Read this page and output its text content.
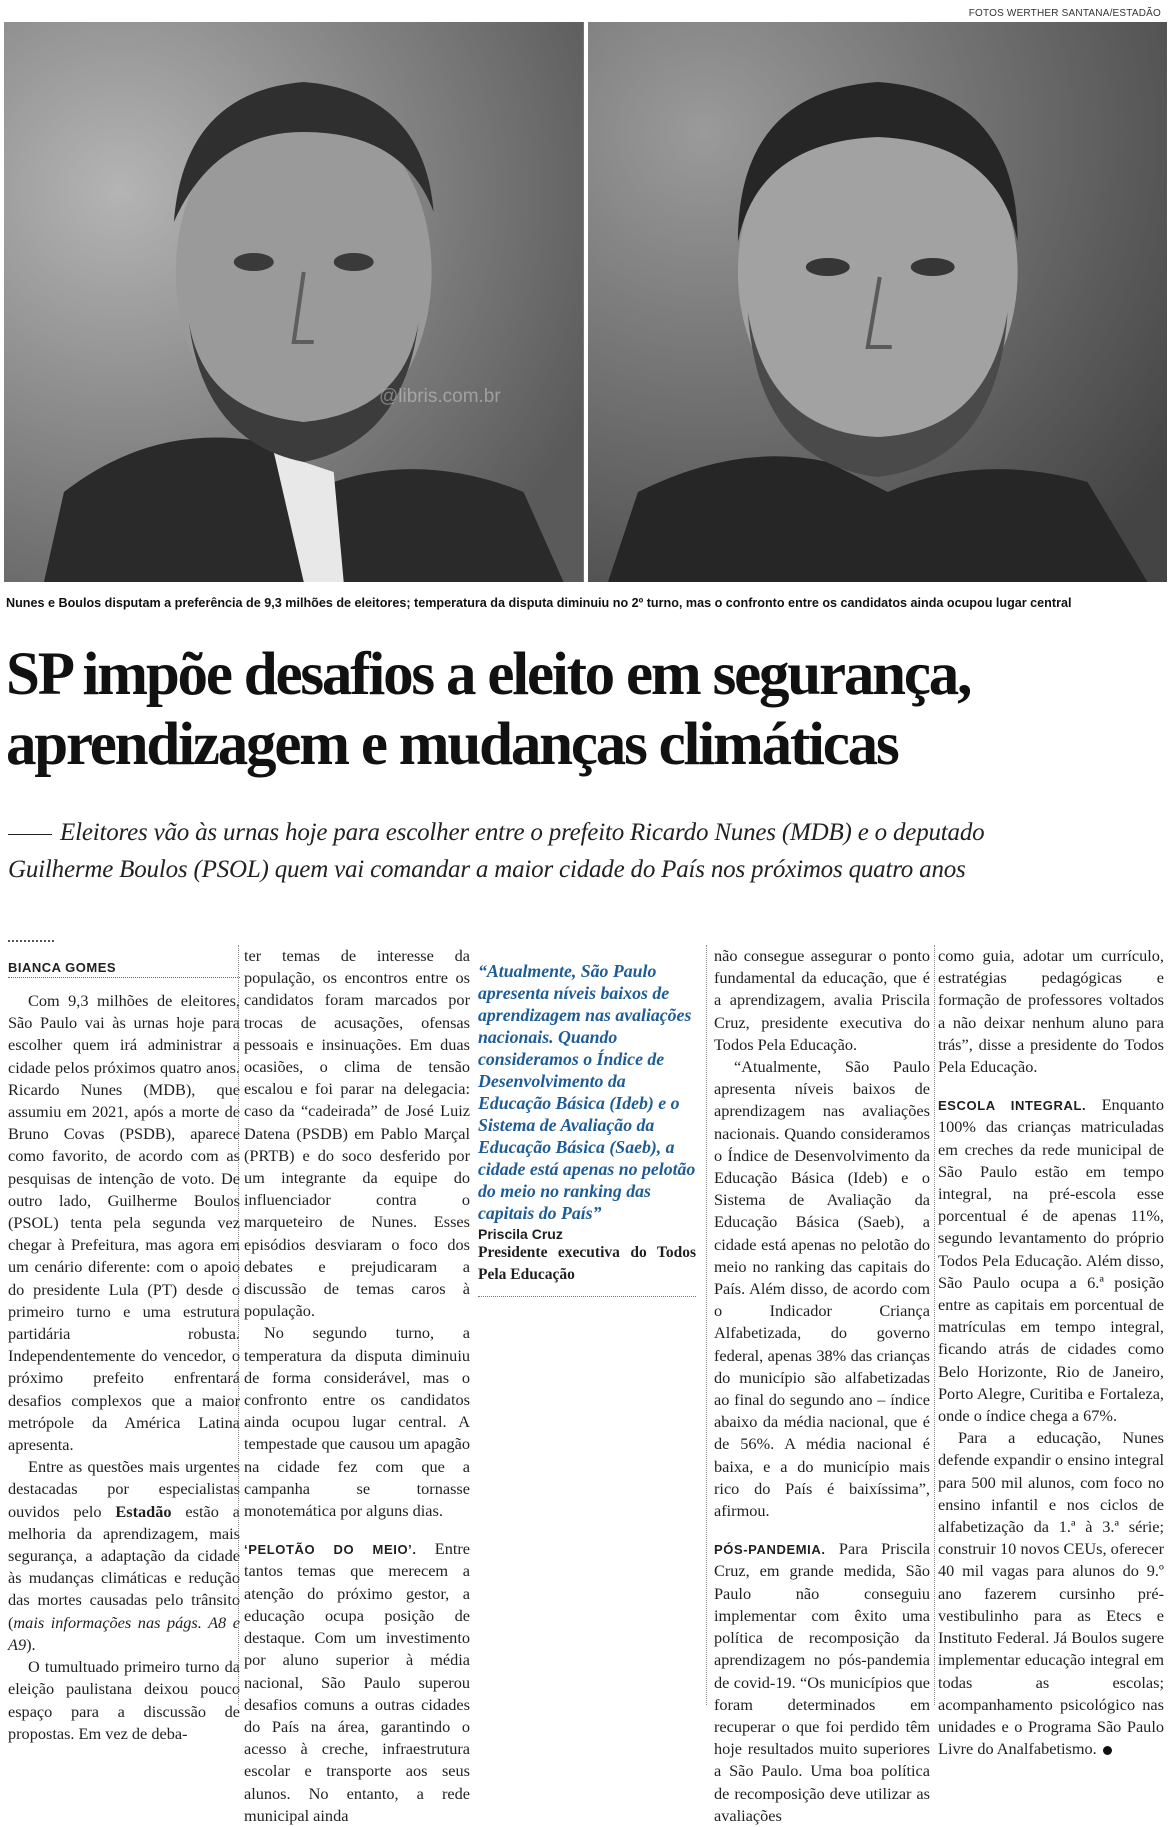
FOTOS WERTHER SANTANA/ESTADÃO
@libris.com.br
Nunes e Boulos disputam a preferência de 9,3 milhões de eleitores; temperatura da disputa diminuiu no 2º turno, mas o confronto entre os candidatos ainda ocupou lugar central
SP impõe desafios a eleito em segurança,
aprendizagem e mudanças climáticas
Eleitores vão às urnas hoje para escolher entre o prefeito Ricardo Nunes (MDB) e o deputado
Guilherme Boulos (PSOL) quem vai comandar a maior cidade do País nos próximos quatro anos
BIANCA GOMES

Com 9,3 milhões de eleitores, São Paulo vai às urnas hoje para escolher quem irá administrar a cidade pelos próximos quatro anos. Ricardo Nunes (MDB), que assumiu em 2021, após a morte de Bruno Covas (PSDB), aparece como favorito, de acordo com as pesquisas de intenção de voto. De outro lado, Guilherme Boulos (PSOL) tenta pela segunda vez chegar à Prefeitura, mas agora em um cenário diferente: com o apoio do presidente Lula (PT) desde o primeiro turno e uma estrutura partidária robusta. Independentemente do vencedor, o próximo prefeito enfrentará desafios complexos que a maior metrópole da América Latina apresenta.

Entre as questões mais urgentes destacadas por especialistas ouvidos pelo Estadão estão a melhoria da aprendizagem, mais segurança, a adaptação da cidade às mudanças climáticas e redução das mortes causadas pelo trânsito (mais informações nas págs. A8 e A9).

O tumultuado primeiro turno da eleição paulistana deixou pouco espaço para a discussão de propostas. Em vez de deba-

ter temas de interesse da população, os encontros entre os candidatos foram marcados por trocas de acusações, ofensas pessoais e insinuações. Em duas ocasiões, o clima de tensão escalou e foi parar na delegacia: caso da “cadeirada” de José Luiz Datena (PSDB) em Pablo Marçal (PRTB) e do soco desferido por um integrante da equipe do influenciador contra o marqueteiro de Nunes. Esses episódios desviaram o foco dos debates e prejudicaram a discussão de temas caros à população.

No segundo turno, a temperatura da disputa diminuiu de forma considerável, mas o confronto entre os candidatos ainda ocupou lugar central. A tempestade que causou um apagão na cidade fez com que a campanha se tornasse monotemática por alguns dias.

‘PELOTÃO DO MEIO’. Entre tantos temas que merecem a atenção do próximo gestor, a educação ocupa posição de destaque. Com um investimento por aluno superior à média nacional, São Paulo superou desafios comuns a outras cidades do País na área, garantindo o acesso à creche, infraestrutura escolar e transporte aos seus alunos. No entanto, a rede municipal ainda

“Atualmente, São Paulo apresenta níveis baixos de aprendizagem nas avaliações nacionais. Quando consideramos o Índice de Desenvolvimento da Educação Básica (Ideb) e o Sistema de Avaliação da Educação Básica (Saeb), a cidade está apenas no pelotão do meio no ranking das capitais do País”
Priscila Cruz
Presidente executiva do Todos Pela Educação

não consegue assegurar o ponto fundamental da educação, que é a aprendizagem, avalia Priscila Cruz, presidente executiva do Todos Pela Educação.

“Atualmente, São Paulo apresenta níveis baixos de aprendizagem nas avaliações nacionais. Quando consideramos o Índice de Desenvolvimento da Educação Básica (Ideb) e o Sistema de Avaliação da Educação Básica (Saeb), a cidade está apenas no pelotão do meio no ranking das capitais do País. Além disso, de acordo com o Indicador Criança Alfabetizada, do governo federal, apenas 38% das crianças do município são alfabetizadas ao final do segundo ano – índice abaixo da média nacional, que é de 56%. A média nacional é baixa, e a do município mais rico do País é baixíssima”, afirmou.

PÓS-PANDEMIA. Para Priscila Cruz, em grande medida, São Paulo não conseguiu implementar com êxito uma política de recomposição da aprendizagem no pós-pandemia de covid-19. “Os municípios que foram determinados em recuperar o que foi perdido têm hoje resultados muito superiores a São Paulo. Uma boa política de recomposição deve utilizar as avaliações

como guia, adotar um currículo, estratégias pedagógicas e formação de professores voltados a não deixar nenhum aluno para trás”, disse a presidente do Todos Pela Educação.

ESCOLA INTEGRAL. Enquanto 100% das crianças matriculadas em creches da rede municipal de São Paulo estão em tempo integral, na pré-escola esse porcentual é de apenas 11%, segundo levantamento do próprio Todos Pela Educação. Além disso, São Paulo ocupa a 6.ª posição entre as capitais em porcentual de matrículas em tempo integral, ficando atrás de cidades como Belo Horizonte, Rio de Janeiro, Porto Alegre, Curitiba e Fortaleza, onde o índice chega a 67%.

Para a educação, Nunes defende expandir o ensino integral para 500 mil alunos, com foco no ensino infantil e nos ciclos de alfabetização da 1.ª à 3.ª série; construir 10 novos CEUs, oferecer 40 mil vagas para alunos do 9.º ano fazerem cursinho pré-vestibulinho para as Etecs e Instituto Federal. Já Boulos sugere implementar educação integral em todas as escolas; acompanhamento psicológico nas unidades e o Programa São Paulo Livre do Analfabetismo.
